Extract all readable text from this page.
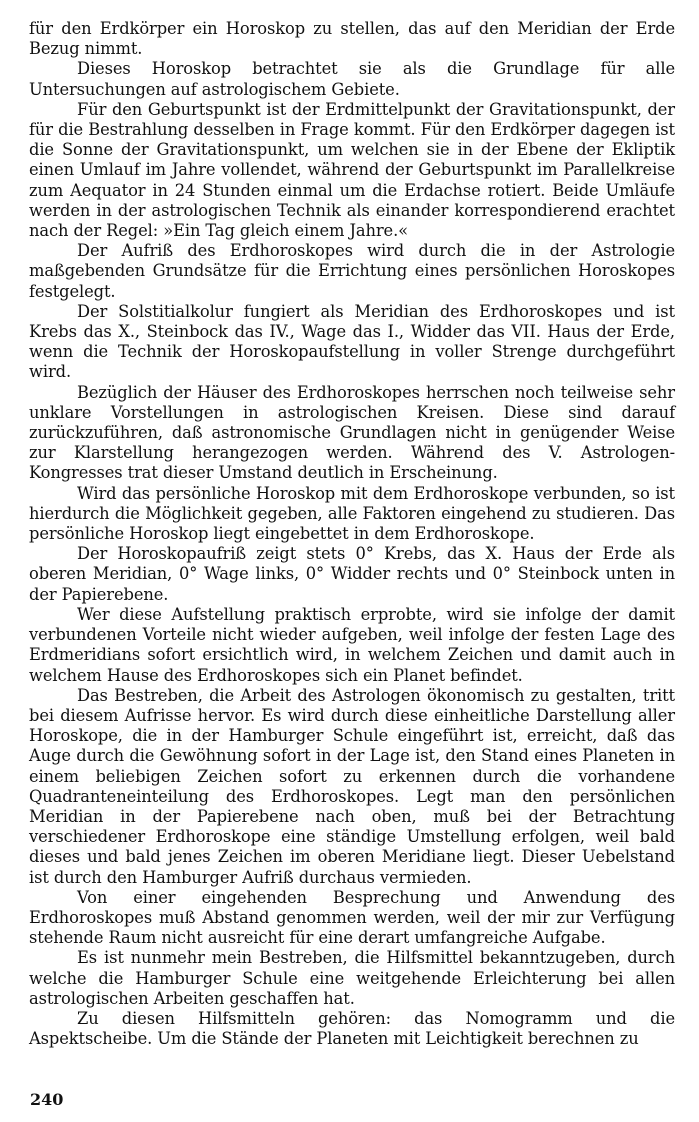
für den Erdkörper ein Horoskop zu stellen, das auf den Meridian der Erde Bezug nimmt.

Dieses Horoskop betrachtet sie als die Grundlage für alle Untersuchungen auf astrologischem Gebiete.

Für den Geburtspunkt ist der Erdmittelpunkt der Gravitationspunkt, der für die Bestrahlung desselben in Frage kommt. Für den Erdkörper dagegen ist die Sonne der Gravitationspunkt, um welchen sie in der Ebene der Ekliptik einen Umlauf im Jahre vollendet, während der Geburtspunkt im Parallelkreise zum Aequator in 24 Stunden einmal um die Erdachse rotiert. Beide Umläufe werden in der astrologischen Technik als einander korrespondierend erachtet nach der Regel: »Ein Tag gleich einem Jahre.«

Der Aufriß des Erdhoroskopes wird durch die in der Astrologie maßgebenden Grundsätze für die Errichtung eines persönlichen Horoskopes festgelegt.

Der Solstitialkolur fungiert als Meridian des Erdhoroskopes und ist Krebs das X., Steinbock das IV., Wage das I., Widder das VII. Haus der Erde, wenn die Technik der Horoskopaufstellung in voller Strenge durchgeführt wird.

Bezüglich der Häuser des Erdhoroskopes herrschen noch teilweise sehr unklare Vorstellungen in astrologischen Kreisen. Diese sind darauf zurückzuführen, daß astronomische Grundlagen nicht in genügender Weise zur Klarstellung herangezogen werden. Während des V. Astrologen-Kongresses trat dieser Umstand deutlich in Erscheinung.

Wird das persönliche Horoskop mit dem Erdhoroskope verbunden, so ist hierdurch die Möglichkeit gegeben, alle Faktoren eingehend zu studieren. Das persönliche Horoskop liegt eingebettet in dem Erdhoroskope.

Der Horoskopaufriß zeigt stets 0° Krebs, das X. Haus der Erde als oberen Meridian, 0° Wage links, 0° Widder rechts und 0° Steinbock unten in der Papierebene.

Wer diese Aufstellung praktisch erprobte, wird sie infolge der damit verbundenen Vorteile nicht wieder aufgeben, weil infolge der festen Lage des Erdmeridians sofort ersichtlich wird, in welchem Zeichen und damit auch in welchem Hause des Erdhoroskopes sich ein Planet befindet.

Das Bestreben, die Arbeit des Astrologen ökonomisch zu gestalten, tritt bei diesem Aufrisse hervor. Es wird durch diese einheitliche Darstellung aller Horoskope, die in der Hamburger Schule eingeführt ist, erreicht, daß das Auge durch die Gewöhnung sofort in der Lage ist, den Stand eines Planeten in einem beliebigen Zeichen sofort zu erkennen durch die vorhandene Quadranteneinteilung des Erdhoroskopes. Legt man den persönlichen Meridian in der Papierebene nach oben, muß bei der Betrachtung verschiedener Erdhoroskope eine ständige Umstellung erfolgen, weil bald dieses und bald jenes Zeichen im oberen Meridiane liegt. Dieser Uebelstand ist durch den Hamburger Aufriß durchaus vermieden.

Von einer eingehenden Besprechung und Anwendung des Erdhoroskopes muß Abstand genommen werden, weil der mir zur Verfügung stehende Raum nicht ausreicht für eine derart umfangreiche Aufgabe.

Es ist nunmehr mein Bestreben, die Hilfsmittel bekanntzugeben, durch welche die Hamburger Schule eine weitgehende Erleichterung bei allen astrologischen Arbeiten geschaffen hat.

Zu diesen Hilfsmitteln gehören: das Nomogramm und die Aspektscheibe. Um die Stände der Planeten mit Leichtigkeit berechnen zu

240
